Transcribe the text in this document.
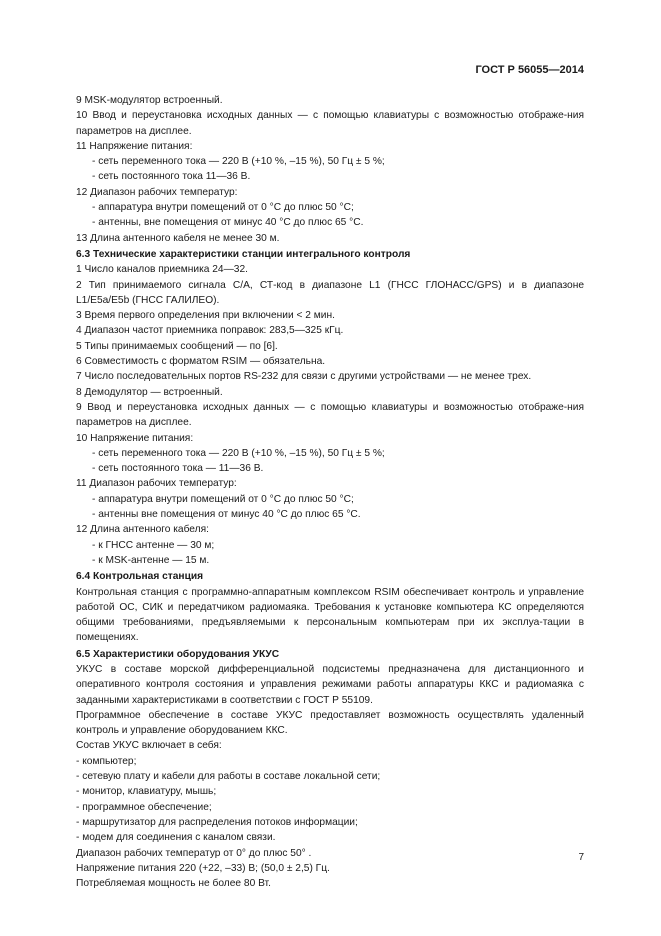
ГОСТ Р 56055—2014
9 MSK-модулятор встроенный.
10 Ввод и переустановка исходных данных — с помощью клавиатуры с возможностью отображе-ния параметров на дисплее.
11 Напряжение питания:
- сеть переменного тока — 220 В (+10 %, –15 %), 50 Гц ± 5 %;
- сеть постоянного тока 11—36 В.
12 Диапазон рабочих температур:
- аппаратура внутри помещений от 0 °С до плюс 50 °С;
- антенны, вне помещения от минус 40 °С до плюс 65 °С.
13 Длина антенного кабеля не менее 30 м.
6.3 Технические характеристики станции интегрального контроля
1 Число каналов приемника 24—32.
2 Тип принимаемого сигнала С/А, СТ-код в диапазоне L1 (ГНСС ГЛОНАСС/GPS) и в диапазоне L1/E5a/E5b (ГНСС ГАЛИЛЕО).
3 Время первого определения при включении < 2 мин.
4 Диапазон частот приемника поправок: 283,5—325 кГц.
5 Типы принимаемых сообщений — по [6].
6 Совместимость с форматом RSIM — обязательна.
7 Число последовательных портов RS-232 для связи с другими устройствами — не менее трех.
8 Демодулятор — встроенный.
9 Ввод и переустановка исходных данных — с помощью клавиатуры и возможностью отображе-ния параметров на дисплее.
10 Напряжение питания:
- сеть переменного тока — 220 В (+10 %, –15 %), 50 Гц ± 5 %;
- сеть постоянного тока — 11—36 В.
11 Диапазон рабочих температур:
- аппаратура внутри помещений от 0 °С до плюс 50 °С;
- антенны вне помещения от минус 40 °С до плюс 65 °С.
12 Длина антенного кабеля:
- к ГНСС антенне — 30 м;
- к MSK-антенне — 15 м.
6.4 Контрольная станция
Контрольная станция с программно-аппаратным комплексом RSIM обеспечивает контроль и управление работой ОС, СИК и передатчиком радиомаяка. Требования к установке компьютера КС определяются общими требованиями, предъявляемыми к персональным компьютерам при их эксплуа-тации в помещениях.
6.5 Характеристики оборудования УКУС
УКУС в составе морской дифференциальной подсистемы предназначена для дистанционного и оперативного контроля состояния и управления режимами работы аппаратуры ККС и радиомаяка с заданными характеристиками в соответствии с ГОСТ Р 55109.
Программное обеспечение в составе УКУС предоставляет возможность осуществлять удаленный контроль и управление оборудованием ККС.
Состав УКУС включает в себя:
- компьютер;
- сетевую плату и кабели для работы в составе локальной сети;
- монитор, клавиатуру, мышь;
- программное обеспечение;
- маршрутизатор для распределения потоков информации;
- модем для соединения с каналом связи.
Диапазон рабочих температур от 0° до плюс 50° .
Напряжение питания 220 (+22, –33) В; (50,0 ± 2,5) Гц.
Потребляемая мощность не более 80 Вт.
7
